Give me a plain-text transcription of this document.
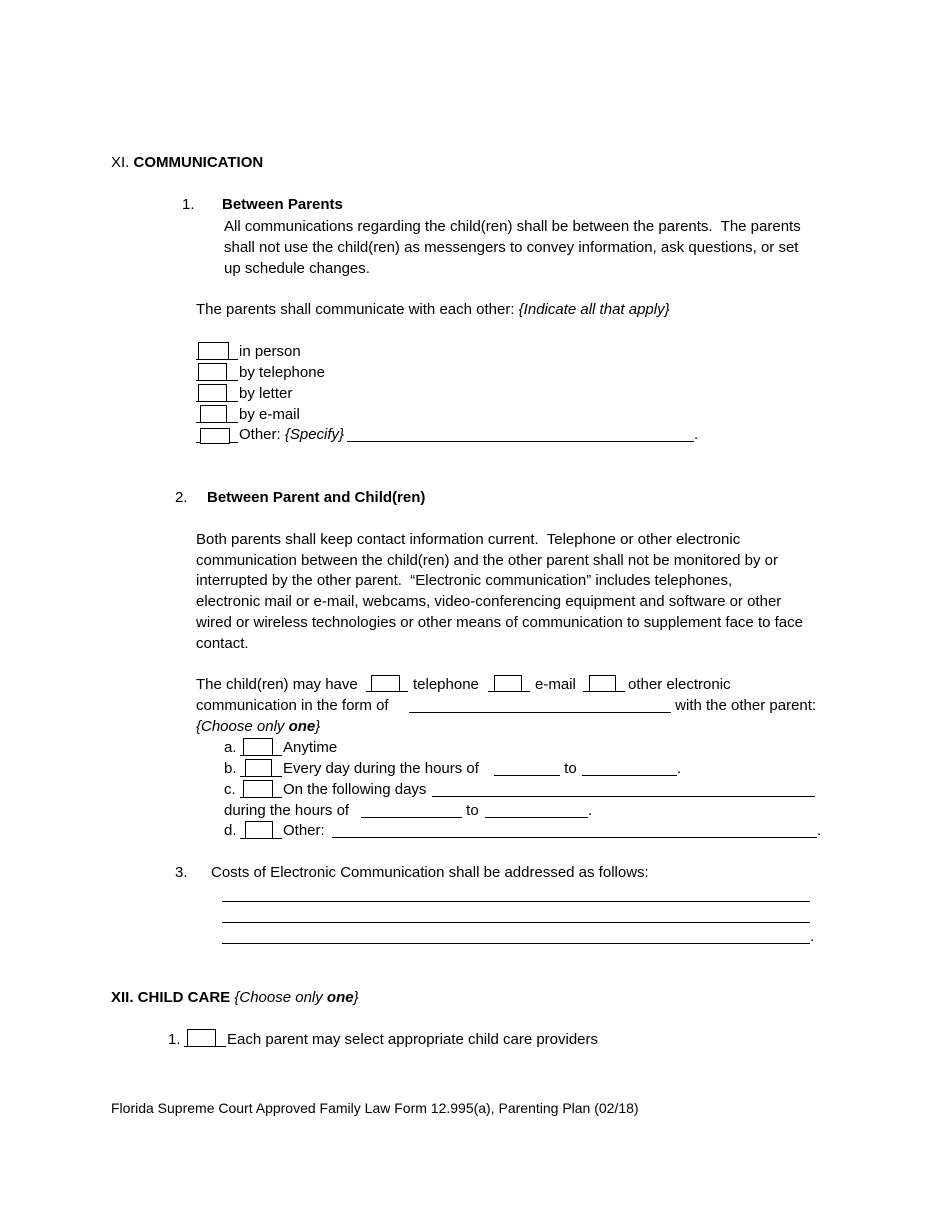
XI. COMMUNICATION
1. Between Parents
All communications regarding the child(ren) shall be between the parents.  The parents
shall not use the child(ren) as messengers to convey information, ask questions, or set
up schedule changes.
The parents shall communicate with each other: {Indicate all that apply}
in person
by telephone
by letter
by e-mail
Other: {Specify}	.
2. Between Parent and Child(ren)
Both parents shall keep contact information current.  Telephone or other electronic
communication between the child(ren) and the other parent shall not be monitored by or
interrupted by the other parent.  “Electronic communication” includes telephones,
electronic mail or e-mail, webcams, video-conferencing equipment and software or other
wired or wireless technologies or other means of communication to supplement face to face
contact.
The child(ren) may have	telephone	e-mail	other electronic
communication in the form of	with the other parent:
{Choose only one}
a.	Anytime
b.	Every day during the hours of	to	.
c.	On the following days
during the hours of	to	.
d.	Other:	.
3. Costs of Electronic Communication shall be addressed as follows:
.
XII. CHILD CARE {Choose only one}
1.	Each parent may select appropriate child care providers
Florida Supreme Court Approved Family Law Form 12.995(a), Parenting Plan (02/18)
